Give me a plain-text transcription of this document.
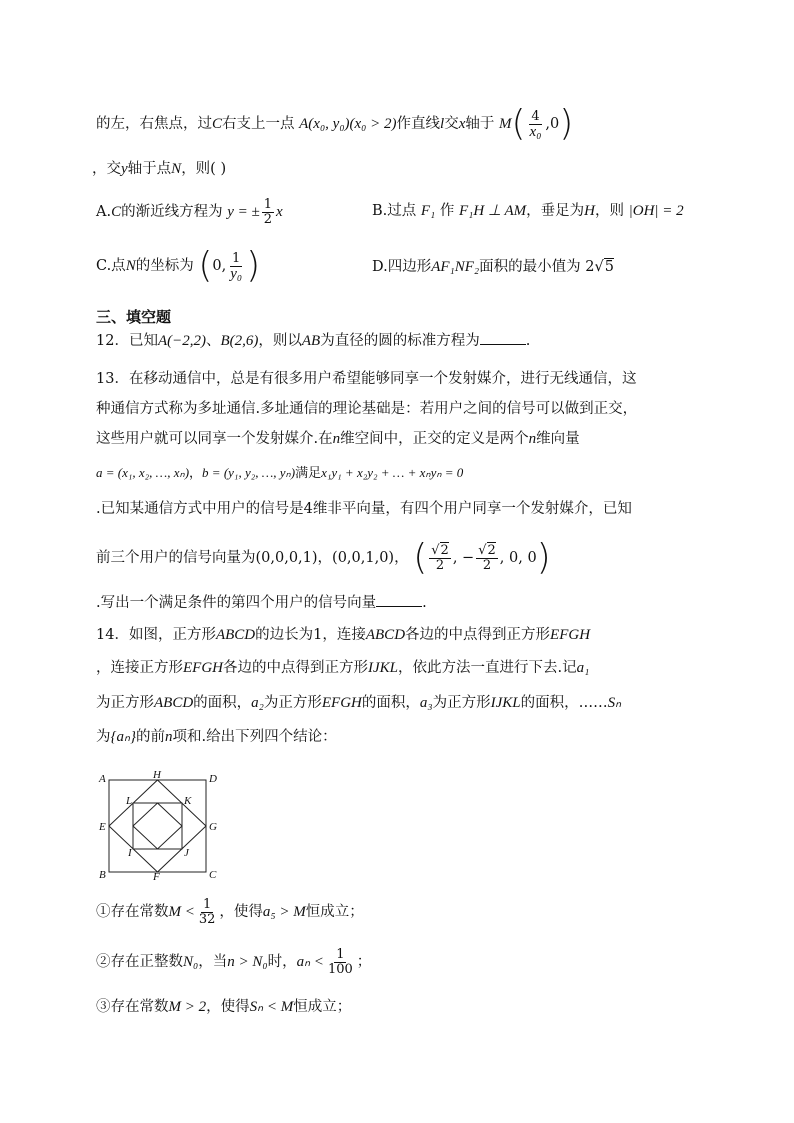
的左，右焦点，过C右支上一点 A(x₀, y₀)(x₀ > 2)作直线l交x轴于 $M( \frac{4}{\text{x₀}} ,0)$
，交y轴于点N，则( )
A.C的渐近线方程为 y = ± $\frac{1}{2}$ x	B.过点 F₁ 作 F₁H ⊥ AM，垂足为H，则 |OH| = 2
C.点N的坐标为 (0, $\frac{1}{\text{y₀}}$ )	D.四边形AF₁NF₂面积的最小值为 2√5
三、填空题
12．已知A(−2,2)、B(2,6)，则以AB为直径的圆的标准方程为	.
13．在移动通信中，总是有很多用户希望能够同享一个发射媒介，进行无线通信，这
种通信方式称为多址通信.多址通信的理论基础是：若用户之间的信号可以做到正交，
这些用户就可以同享一个发射媒介.在n维空间中，正交的定义是两个n维向量
a = (x₁, x₂, …, xₙ)，b = (y₁, y₂, …, yₙ)满足x₁y₁ + x₂y₂ + … + xₙyₙ = 0
.已知某通信方式中用户的信号是4维非平向量，有四个用户同享一个发射媒介，已知
前三个用户的信号向量为(0,0,0,1)，(0,0,1,0)， ( $\frac{√2}{2}$ , − $\frac{√2}{2}$ , 0, 0)
.写出一个满足条件的第四个用户的信号向量	.
14．如图，正方形ABCD的边长为1，连接ABCD各边的中点得到正方形EFGH
，连接正方形EFGH各边的中点得到正方形IJKL，依此方法一直进行下去.记a₁
为正方形ABCD的面积，a₂为正方形EFGH的面积，a₃为正方形IJKL的面积，……Sₙ
为{aₙ}的前n项和.给出下列四个结论：
A	H	D
L	K
E	G
I	J
B	F	C
①存在常数$M < \frac{1}{32}$ ，使得a₅ > M恒成立；
②存在正整数N₀，当n > N₀时，$a_n < \frac{1}{100}$ ；
③存在常数M > 2，使得Sₙ < M恒成立；
